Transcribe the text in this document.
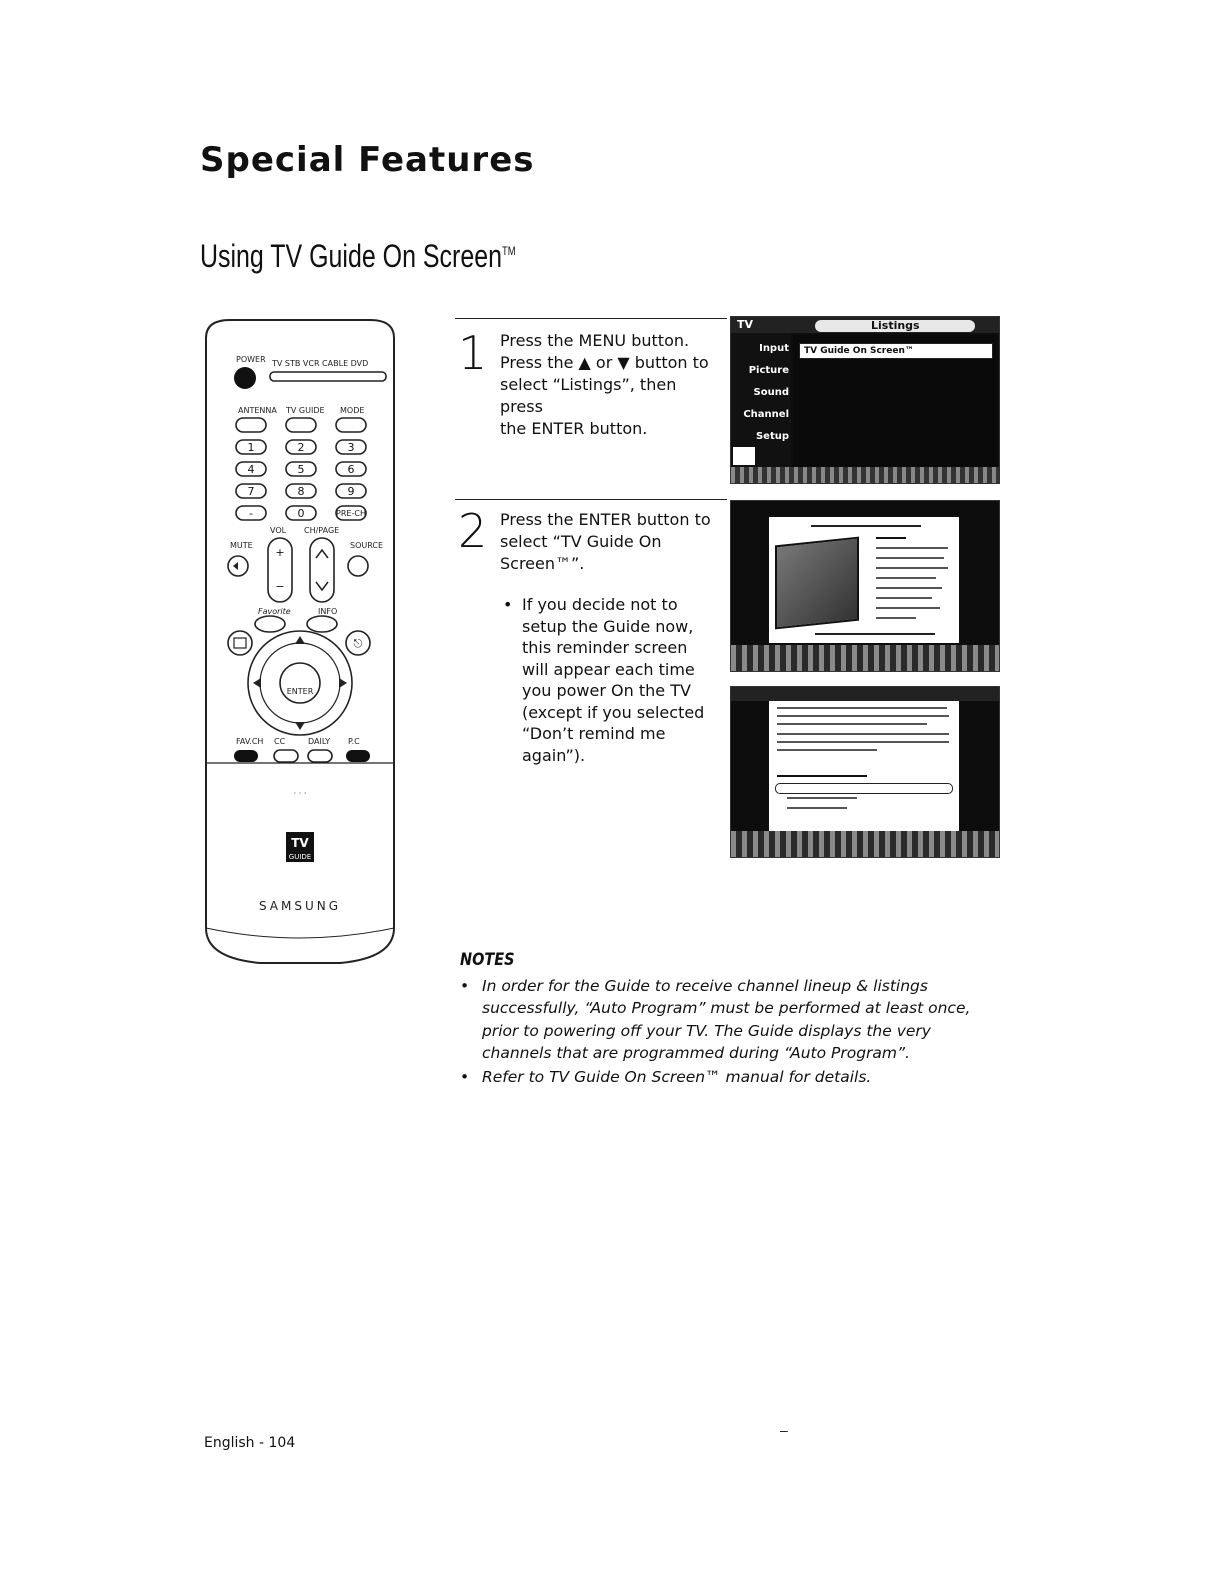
Special Features
Using TV Guide On Screen™
POWER TV STB VCR CABLE DVD
ANTENNA TV GUIDE MODE
1	2	3
4	5	6
7	8	9
-	0	PRE-CH
VOL CH/PAGE
MUTE	SOURCE
+
−
Favorite	INFO
⎋
ENTER
FAV.CH CC	DAILY P.C
· · ·
TV
GUIDE
SAMSUNG
1 Press the MENU button.
Press the ▲ or ▼ button to
select “Listings”, then press
the ENTER button.
TV	Listings
Input
Picture
Sound
Channel
Setup
TV Guide On Screen™
2 Press the ENTER button to
select “TV Guide On
Screen™”.
• If you decide not to
setup the Guide now,
this reminder screen
will appear each time
you power On the TV
(except if you selected
“Don’t remind me
again”).
NOTES
• In order for the Guide to receive channel lineup & listings
successfully, “Auto Program” must be performed at least once,
prior to powering off your TV. The Guide displays the very
channels that are programmed during “Auto Program”.
• Refer to TV Guide On Screen™ manual for details.
–
English - 104
